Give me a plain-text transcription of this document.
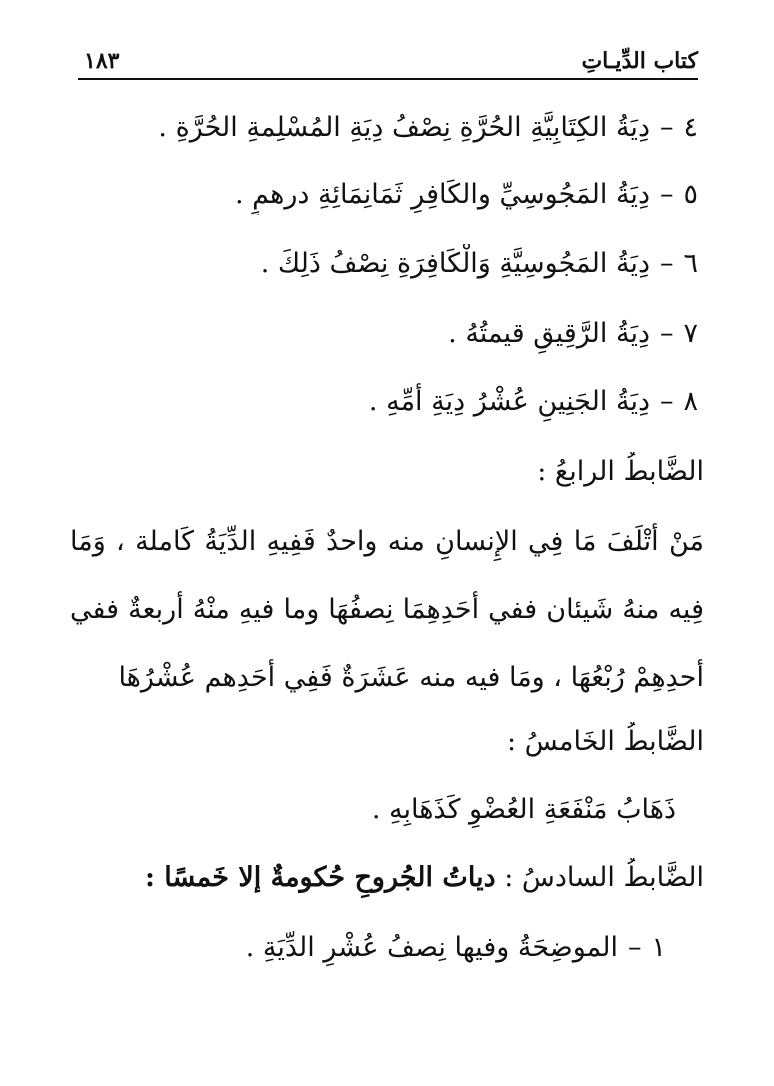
كتاب الدِّيـاتِ
١٨٣
٤–دِيَةُ الكِتَابِيَّةِ الحُرَّةِ نِصْفُ دِيَةِ المُسْلِمةِ الحُرَّةِ .
٥–دِيَةُ المَجُوسِيِّ والكَافِرِ ثَمَانِمَائِةِ درهمٍ .
٦–دِيَةُ المَجُوسِيَّةِ وَالْكَافِرَةِ نِصْفُ ذَلِكَ .
٧–دِيَةُ الرَّقِيقِ قيمتُهُ .
٨–دِيَةُ الجَنِينِ عُشْرُ دِيَةِ أُمِّهِ .
الضَّابطُ الرابعُ :
مَنْ أَتْلَفَ مَا فِي الإِنسانِ منه واحدٌ فَفِيهِ الدِّيَةُ كَاملة ، وَمَا
فِيه منهُ شَيئان ففي أَحَدِهِمَا نِصفُهَا وما فيهِ منْهُ أربعةٌ ففي
أحدِهِمْ رُبْعُهَا ، ومَا فيه منه عَشَرَةٌ فَفِي أَحَدِهم عُشْرُهَا
الضَّابطُ الخَامسُ :
ذَهَابُ مَنْفَعَةِ العُضْوِ كَذَهَابِهِ .
الضَّابطُ السادسُ : دياتُ الجُروحِ حُكومةٌ إلا خَمسًا :
١–الموضِحَةُ وفيها نِصفُ عُشْرِ الدِّيَةِ .
